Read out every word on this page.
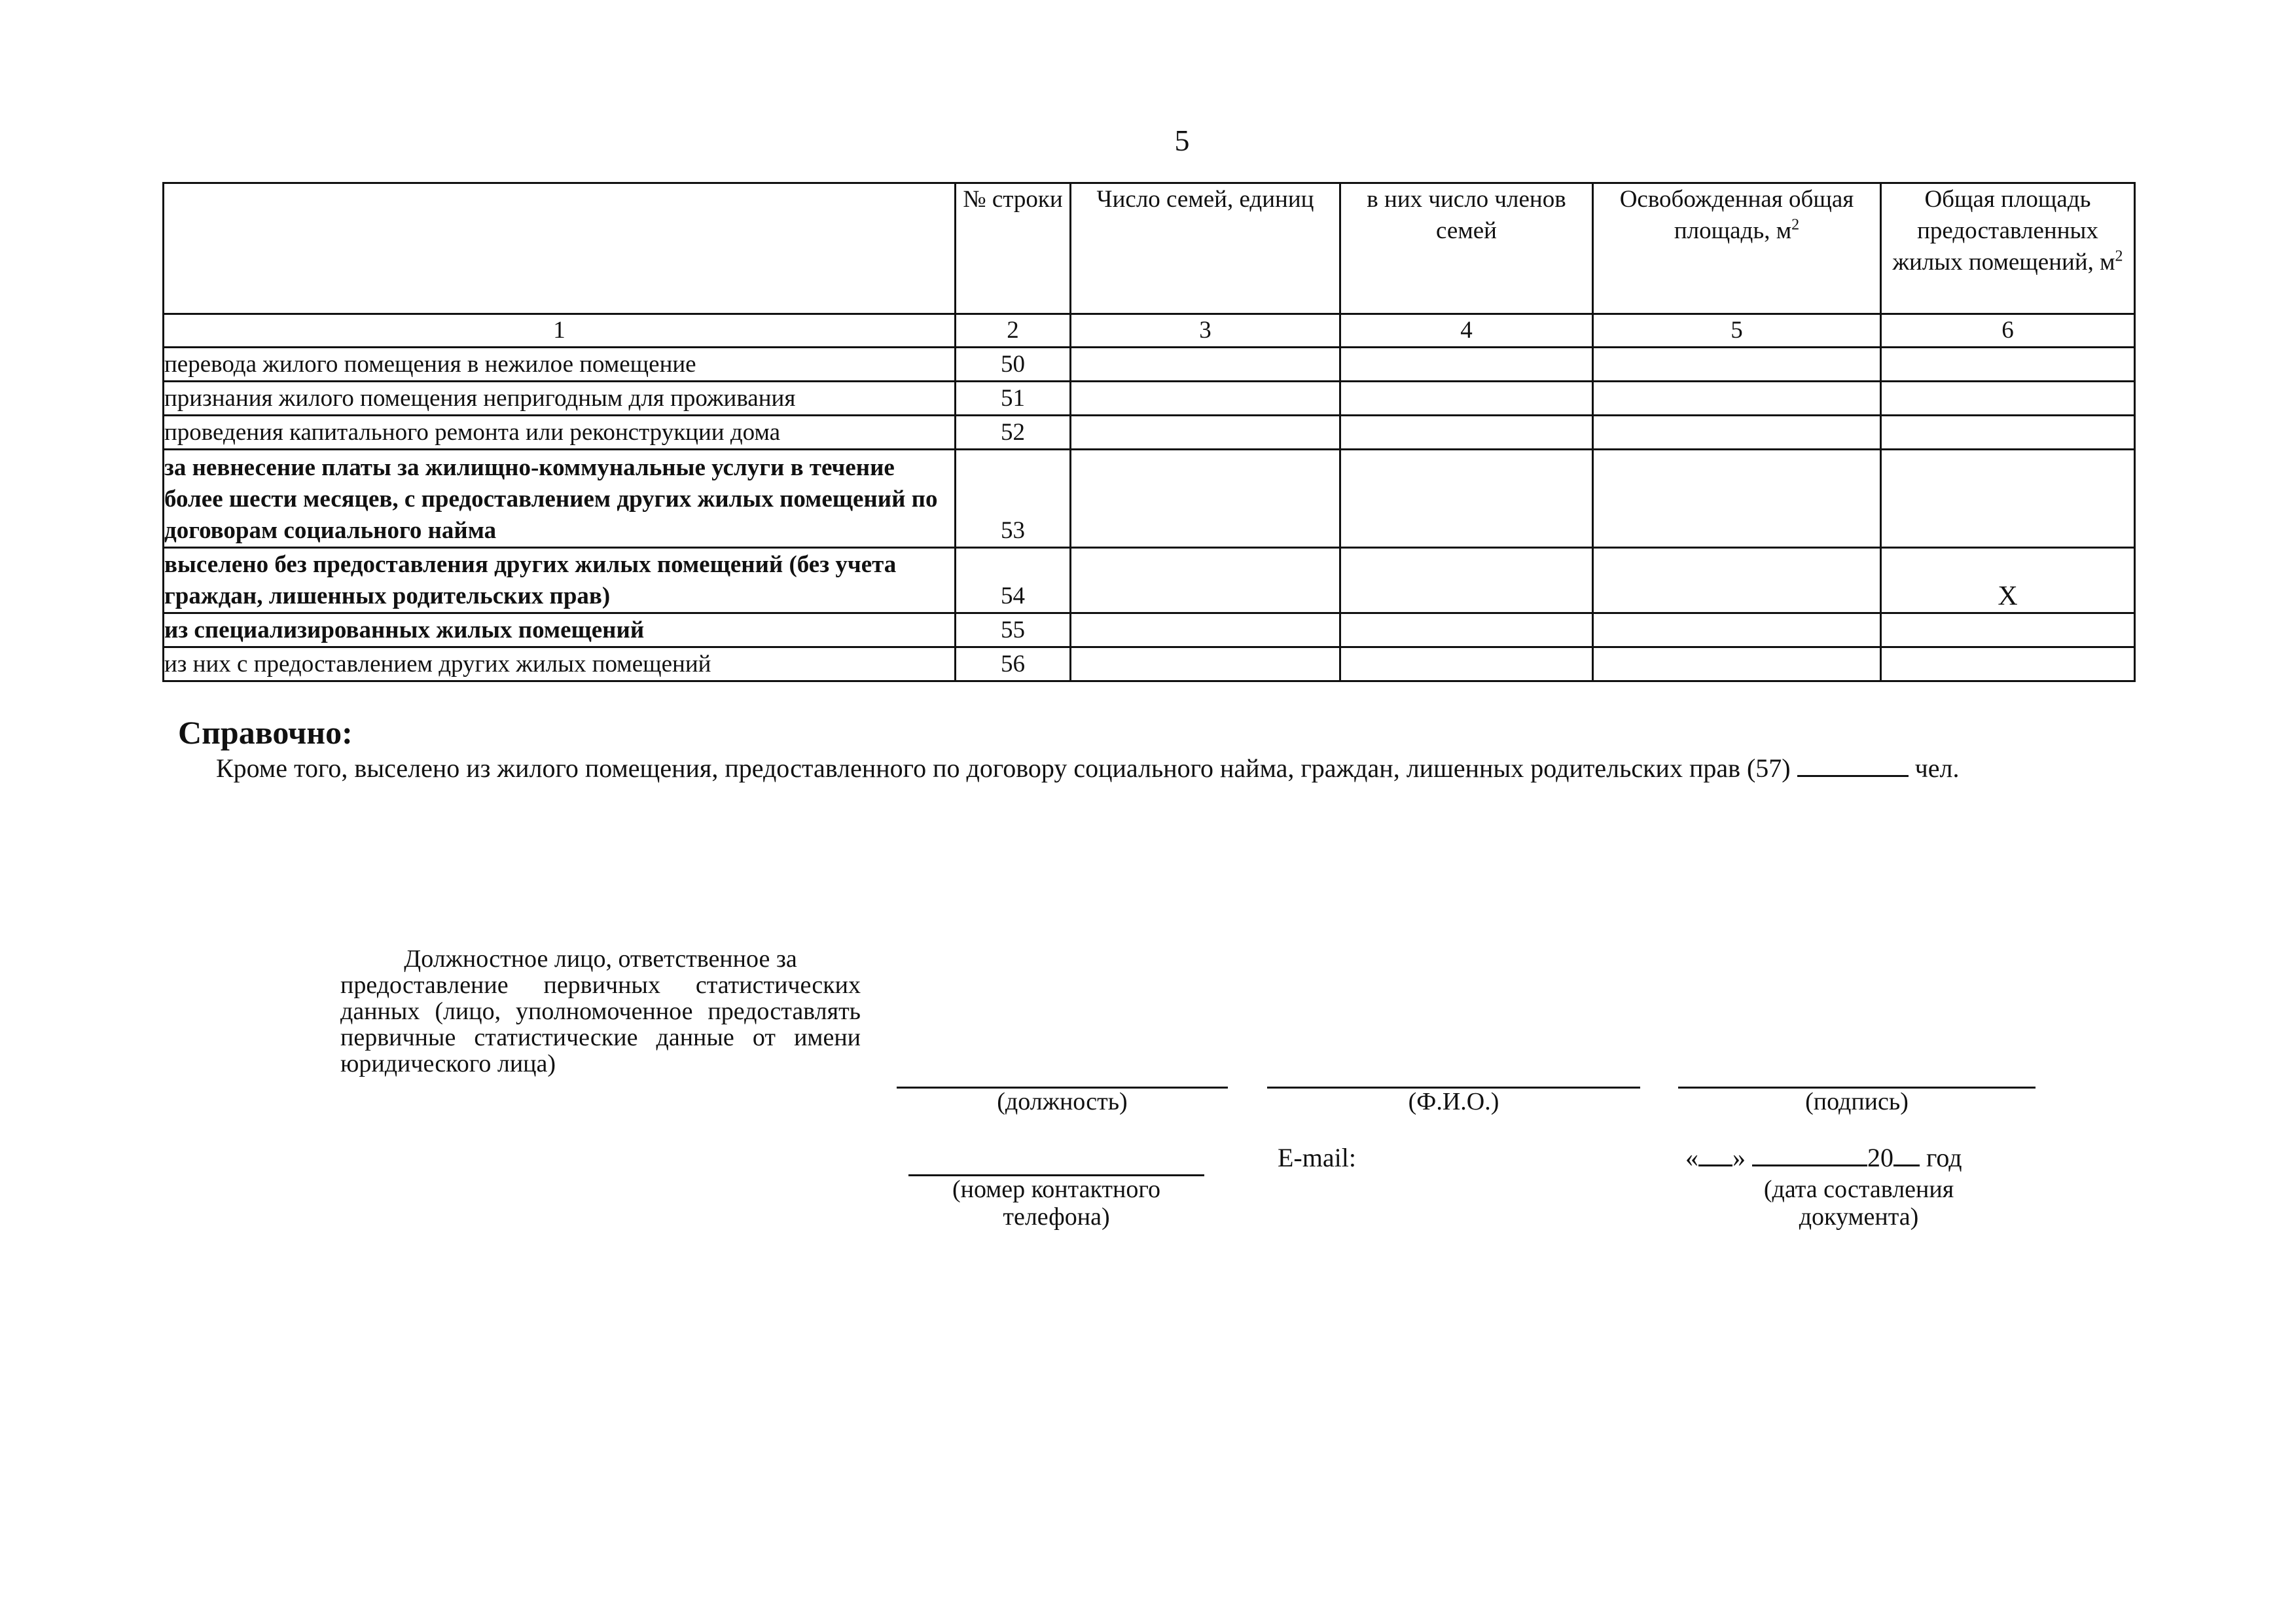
5
	№ строки	Число семей, единиц	в них число членов семей	Освобожденная общая площадь, $м^2$	Общая площадь предоставленных жилых помещений, $м^2$
1	2	3	4	5	6
перевода жилого помещения в нежилое помещение	50				
признания жилого помещения непригодным для проживания	51				
проведения капитального ремонта или реконструкции дома	52				
за невнесение платы за жилищно-коммунальные услуги в течение более шести месяцев, с предоставлением других жилых помещений по договорам социального найма	53				
выселено без предоставления других жилых помещений (без учета граждан, лишенных родительских прав)	54				X
из специализированных жилых помещений	55				
из них с предоставлением других жилых помещений	56				
Справочно:
Кроме того, выселено из жилого помещения, предоставленного по договору социального найма, граждан, лишенных родительских прав (57)	чел.
Должностное лицо, ответственное за
предоставление первичных статистических данных (лицо, уполномоченное предоставлять первичные статистические данные от имени юридического лица)
(должность)	(Ф.И.О.)	(подпись)
(номер контактного телефона)
E-mail:	« »	20 год
(дата составления документа)
